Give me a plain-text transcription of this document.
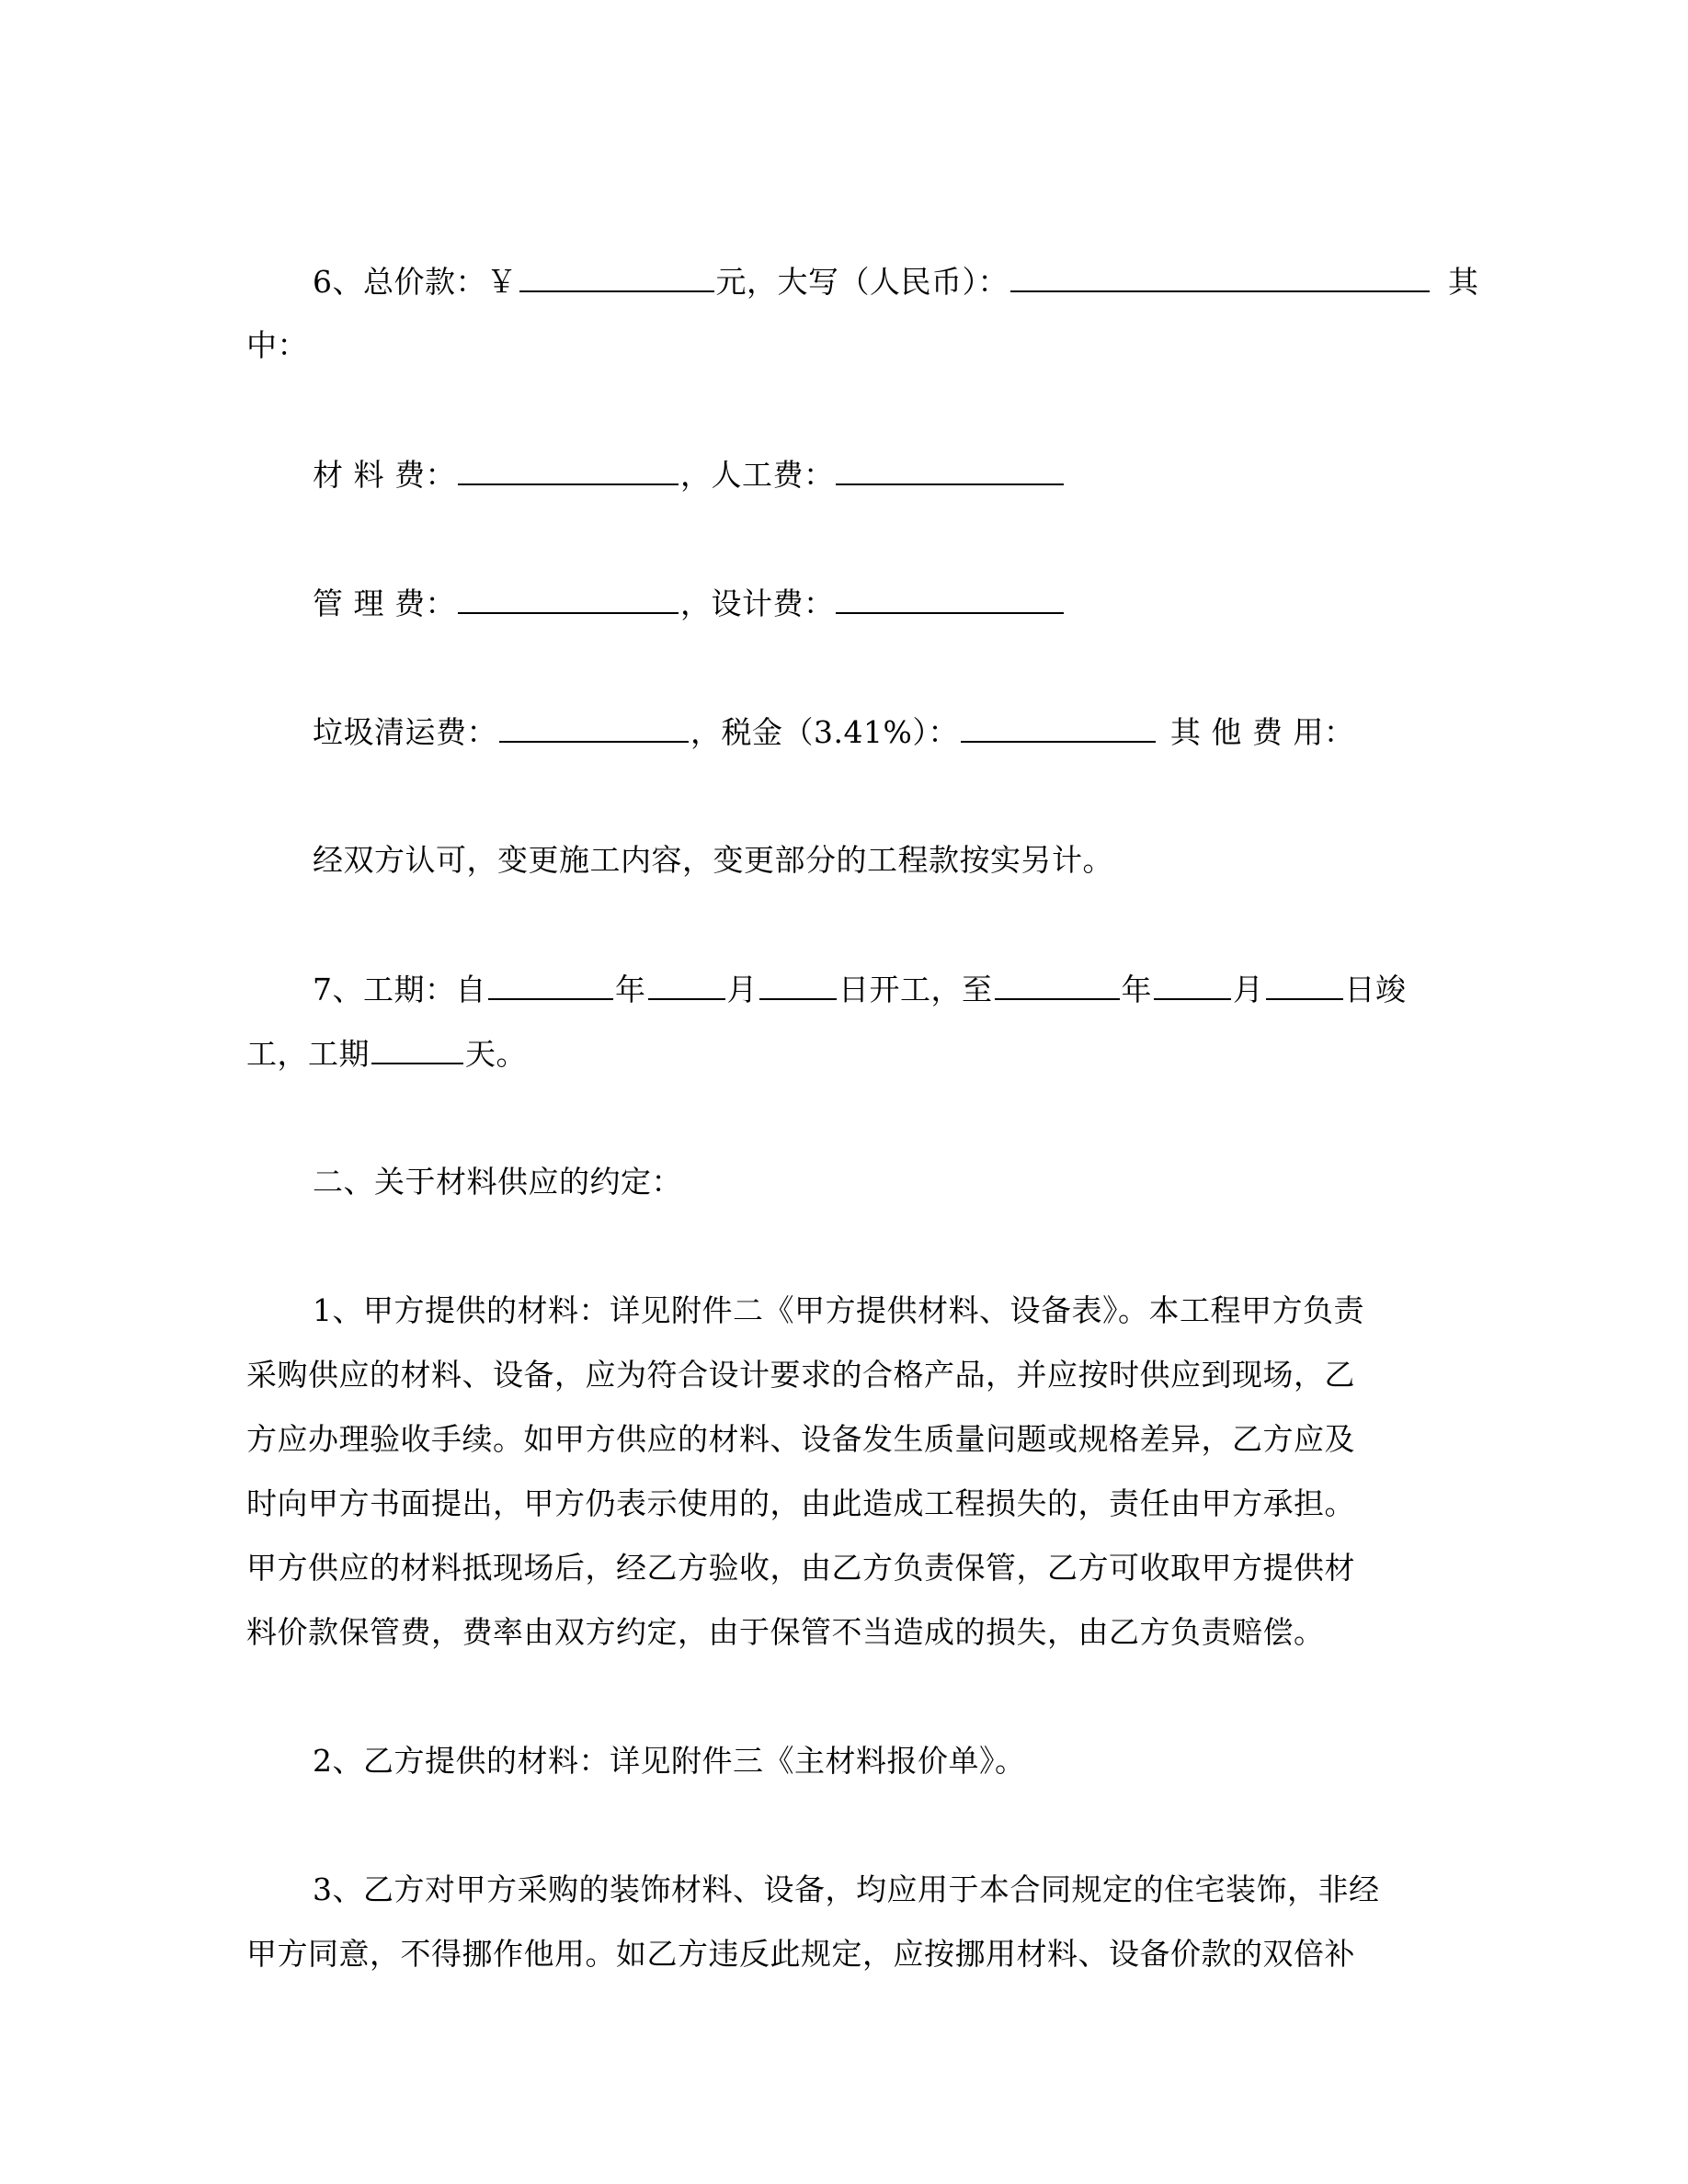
6、总价款：￥	元，大写（人民币）：	其
中：
材 料 费：	，人工费：
管 理 费：	，设计费：
垃圾清运费：	，税金（3.41%）：	其 他 费 用：
经双方认可，变更施工内容，变更部分的工程款按实另计。
7、工期：自	年	月	日开工，至	年	月	日竣
工，工期	天。
二、关于材料供应的约定：
1、甲方提供的材料：详见附件二《甲方提供材料、设备表》。本工程甲方负责
采购供应的材料、设备，应为符合设计要求的合格产品，并应按时供应到现场，乙
方应办理验收手续。如甲方供应的材料、设备发生质量问题或规格差异，乙方应及
时向甲方书面提出，甲方仍表示使用的，由此造成工程损失的，责任由甲方承担。
甲方供应的材料抵现场后，经乙方验收，由乙方负责保管，乙方可收取甲方提供材
料价款保管费，费率由双方约定，由于保管不当造成的损失，由乙方负责赔偿。
2、乙方提供的材料：详见附件三《主材料报价单》。
3、乙方对甲方采购的装饰材料、设备，均应用于本合同规定的住宅装饰，非经
甲方同意，不得挪作他用。如乙方违反此规定，应按挪用材料、设备价款的双倍补
